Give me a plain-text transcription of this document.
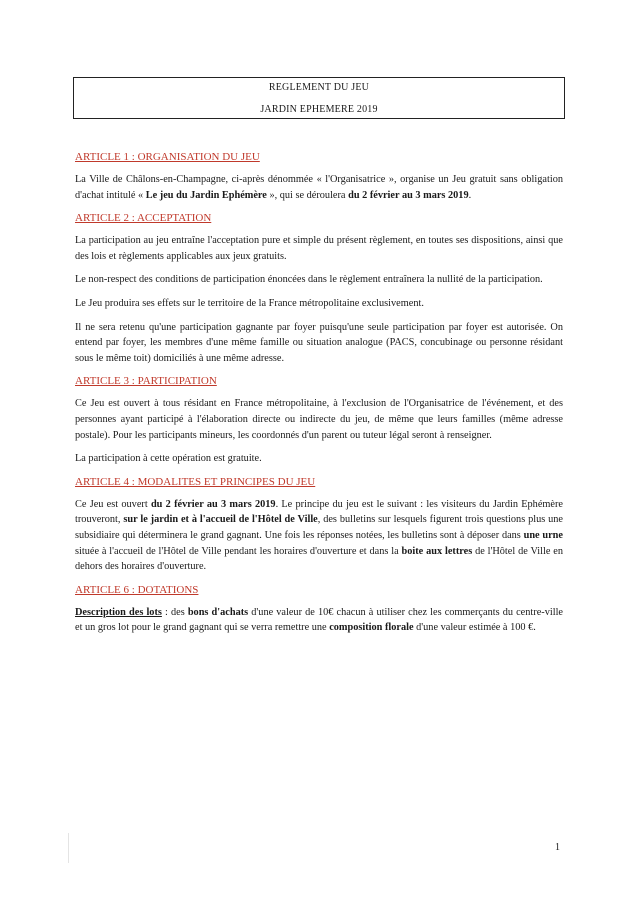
REGLEMENT DU JEU
JARDIN EPHEMERE 2019
ARTICLE 1 : ORGANISATION DU JEU

La Ville de Châlons-en-Champagne, ci-après dénommée « l'Organisatrice », organise un Jeu gratuit sans obligation d'achat intitulé « Le jeu du Jardin Ephémère », qui se déroulera du 2 février au 3 mars 2019.

ARTICLE 2 : ACCEPTATION

La participation au jeu entraîne l'acceptation pure et simple du présent règlement, en toutes ses dispositions, ainsi que des lois et règlements applicables aux jeux gratuits.

Le non-respect des conditions de participation énoncées dans le règlement entraînera la nullité de la participation.

Le Jeu produira ses effets sur le territoire de la France métropolitaine exclusivement.

Il ne sera retenu qu'une participation gagnante par foyer puisqu'une seule participation par foyer est autorisée. On entend par foyer, les membres d'une même famille ou situation analogue (PACS, concubinage ou personne résidant sous le même toit) domiciliés à une même adresse.

ARTICLE 3 : PARTICIPATION

Ce Jeu est ouvert à tous résidant en France métropolitaine, à l'exclusion de l'Organisatrice de l'événement, et des personnes ayant participé à l'élaboration directe ou indirecte du jeu, de même que leurs familles (même adresse postale). Pour les participants mineurs, les coordonnés d'un parent ou tuteur légal seront à renseigner.

La participation à cette opération est gratuite.

ARTICLE 4 : MODALITES ET PRINCIPES DU JEU

Ce Jeu est ouvert du 2 février au 3 mars 2019. Le principe du jeu est le suivant : les visiteurs du Jardin Ephémère trouveront, sur le jardin et à l'accueil de l'Hôtel de Ville, des bulletins sur lesquels figurent trois questions plus une subsidiaire qui déterminera le grand gagnant. Une fois les réponses notées, les bulletins sont à déposer dans une urne située à l'accueil de l'Hôtel de Ville pendant les horaires d'ouverture et dans la boite aux lettres de l'Hôtel de Ville en dehors des horaires d'ouverture.

ARTICLE 6 : DOTATIONS

Description des lots : des bons d'achats d'une valeur de 10€ chacun à utiliser chez les commerçants du centre-ville et un gros lot pour le grand gagnant qui se verra remettre une composition florale d'une valeur estimée à 100 €.

1
